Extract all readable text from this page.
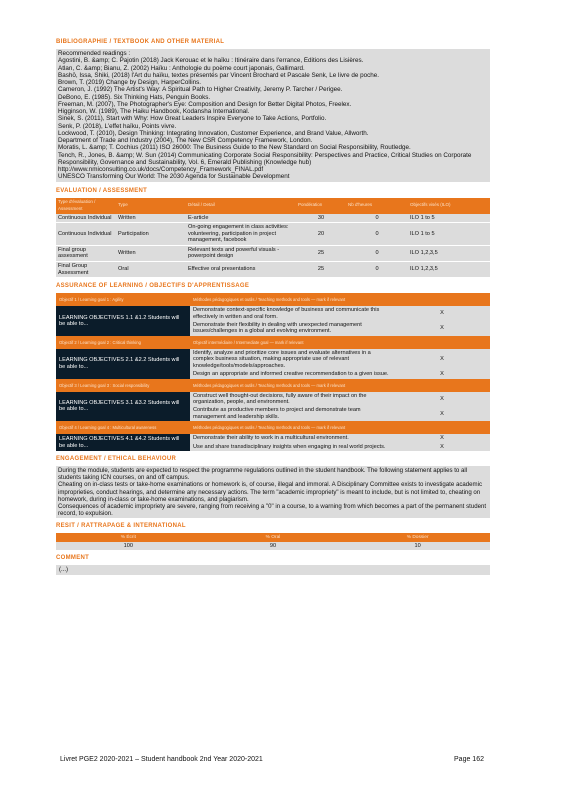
BIBLIOGRAPHIE / TEXTBOOK AND OTHER MATERIAL
Recommended readings :
Agostini, B. &amp; C. Pajotin (2018) Jack Kerouac et le haïku : Itinéraire dans l'errance, Éditions des Lisières.
Atlan, C. &amp; Bianu, Z. (2002) Haïku : Anthologie du poème court japonais, Gallimard.
Bashō, Issa, Shiki, (2018) l'Art du haïku, textes présentés par Vincent Brochard et Pascale Senk, Le livre de poche.
Brown, T. (2019) Change by Design, HarperCollins.
Cameron, J. (1992) The Artist's Way: A Spiritual Path to Higher Creativity, Jeremy P. Tarcher / Perigee.
DeBono, E. (1985). Six Thinking Hats, Penguin Books.
Freeman, M. (2007), The Photographer's Eye: Composition and Design for Better Digital Photos, Freelex.
Higginson, W. (1989), The Haiku Handbook, Kodansha International.
Sinek, S. (2011), Start with Why: How Great Leaders Inspire Everyone to Take Actions, Portfolio.
Senk, P. (2018), L'effet haïku, Points vivre.
Lockwood, T. (2010), Design Thinking: Integrating Innovation, Customer Experience, and Brand Value, Allworth.
Department of Trade and Industry (2004), The New CSR Competency Framework, London.
Moratis, L. &amp; T. Cochius (2011) ISO 26000: The Business Guide to the New Standard on Social Responsibility, Routledge.
Tench, R., Jones, B. &amp; W. Sun (2014) Communicating Corporate Social Responsibility: Perspectives and Practice, Critical Studies on Corporate Responsibility, Governance and Sustainability, Vol. 6, Emerald Publishing (Knowledge hub)
http://www.nmiconsulting.co.uk/docs/Competency_Framework_FINAL.pdf
UNESCO Transforming Our World: The 2030 Agenda for Sustainable Development
EVALUATION / ASSESSMENT
Type d'évaluation / Assessment	Type	Détail / Detail	Pondération	Nb d'heures	Objectifs visés (ILO)
Continuous Individual	Written	E-article	30	0	ILO 1 to 5
Continuous Individual	Participation	On-going engagement in class activities: volunteering, participation in project management, facebook	20	0	ILO 1 to 5
Final group assessment	Written	Relevant texts and powerful visuals - powerpoint design	25	0	ILO 1,2,3,5
Final Group Assessment	Oral	Effective oral presentations	25	0	ILO 1,2,3,5
ASSURANCE OF LEARNING / OBJECTIFS D'APPRENTISSAGE
Objectif 1 / Learning goal 1 : Agility	Méthodes pédagogiques et outils / Teaching methods and tools — mark if relevant	
LEARNING OBJECTIVES 1.1 &1.2 Students will be able to...	Demonstrate context-specific knowledge of business and communicate this effectively in written and oral form.	X
	Demonstrate their flexibility in dealing with unexpected management issues/challenges in a global and evolving environment.	X
Objectif 2 / Learning goal 2 : Critical thinking	Objectif intermédiaire / Intermediate goal — mark if relevant	
LEARNING OBJECTIVES 2.1 &2.2 Students will be able to...	Identify, analyze and prioritize core issues and evaluate alternatives in a complex business situation, making appropriate use of relevant knowledge/tools/models/approaches.	X
	Design an appropriate and informed creative recommendation to a given issue.	X
Objectif 3 / Learning goal 3 : Social responsibility	Méthodes pédagogiques et outils / Teaching methods and tools — mark if relevant	
LEARNING OBJECTIVES 3.1 &3.2 Students will be able to...	Construct well thought-out decisions, fully aware of their impact on the organization, people, and environment.	X
	Contribute as productive members to project and demonstrate team management and leadership skills.	X
Objectif 4 / Learning goal 4 : Multicultural awareness	Méthodes pédagogiques et outils / Teaching methods and tools — mark if relevant	
LEARNING OBJECTIVES 4.1 &4.2 Students will be able to...	Demonstrate their ability to work in a multicultural environment.	X
	Use and share transdisciplinary insights when engaging in real world projects.	X
ENGAGEMENT / ETHICAL BEHAVIOUR
During the module, students are expected to respect the programme regulations outlined in the student handbook. The following statement applies to all students taking ICN courses, on and off campus.
Cheating on in-class tests or take-home examinations or homework is, of course, illegal and immoral. A Disciplinary Committee exists to investigate academic improprieties, conduct hearings, and determine any necessary actions. The term "academic impropriety" is meant to include, but is not limited to, cheating on homework, during in-class or take-home examinations, and plagiarism.
Consequences of academic impropriety are severe, ranging from receiving a "0" in a course, to a warning from which becomes a part of the permanent student record, to expulsion.
RESIT / RATTRAPAGE & INTERNATIONAL
% Écrit	% Oral	% Dossier
100	90	10
COMMENT
(...)
Livret PGE2 2020-2021 – Student handbook 2nd Year 2020-2021	Page 162
